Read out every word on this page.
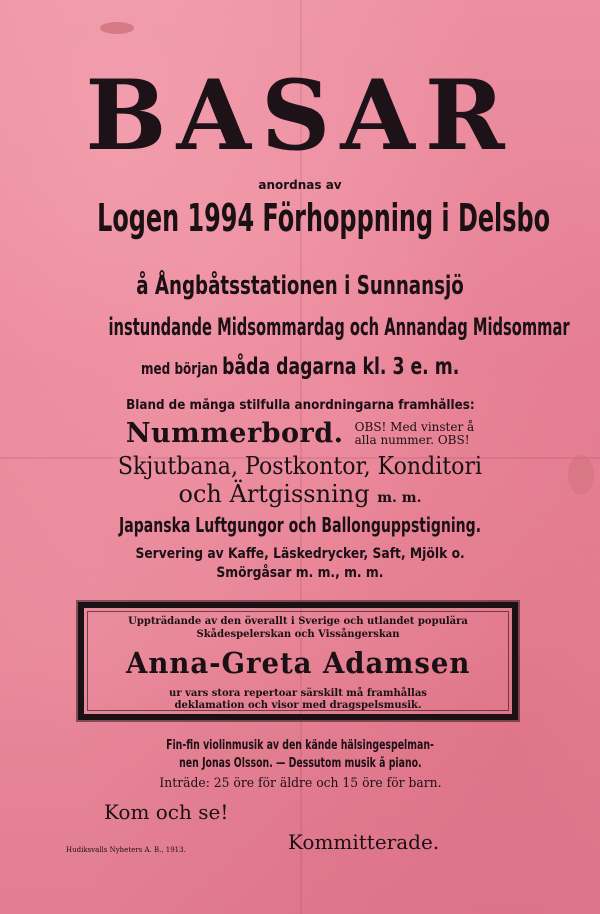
BASAR
anordnas av
Logen 1994 Förhoppning i Delsbo
å Ångbåtsstationen i Sunnansjö
instundande Midsommardag och Annandag Midsommar
med början båda dagarna kl. 3 e. m.
Bland de många stilfulla anordningarna framhålles:
Nummerbord. OBS! Med vinster å
alla nummer. OBS!
Skjutbana, Postkontor, Konditori
och Ärtgissning m. m.
Japanska Luftgungor och Ballonguppstigning.
Servering av Kaffe, Läskedrycker, Saft, Mjölk o.
Smörgåsar m. m., m. m.
Uppträdande av den överallt i Sverige och utlandet populära
Skådespelerskan och Vissångerskan
Anna-Greta Adamsen
ur vars stora repertoar särskilt må framhållas
deklamation och visor med dragspelsmusik.
Fin-fin violinmusik av den kände hälsingespelman-
nen Jonas Olsson. — Dessutom musik å piano.
Inträde: 25 öre för äldre och 15 öre för barn.
Kom och se!
Hudiksvalls Nyheters A. B., 1913.	Kommitterade.
